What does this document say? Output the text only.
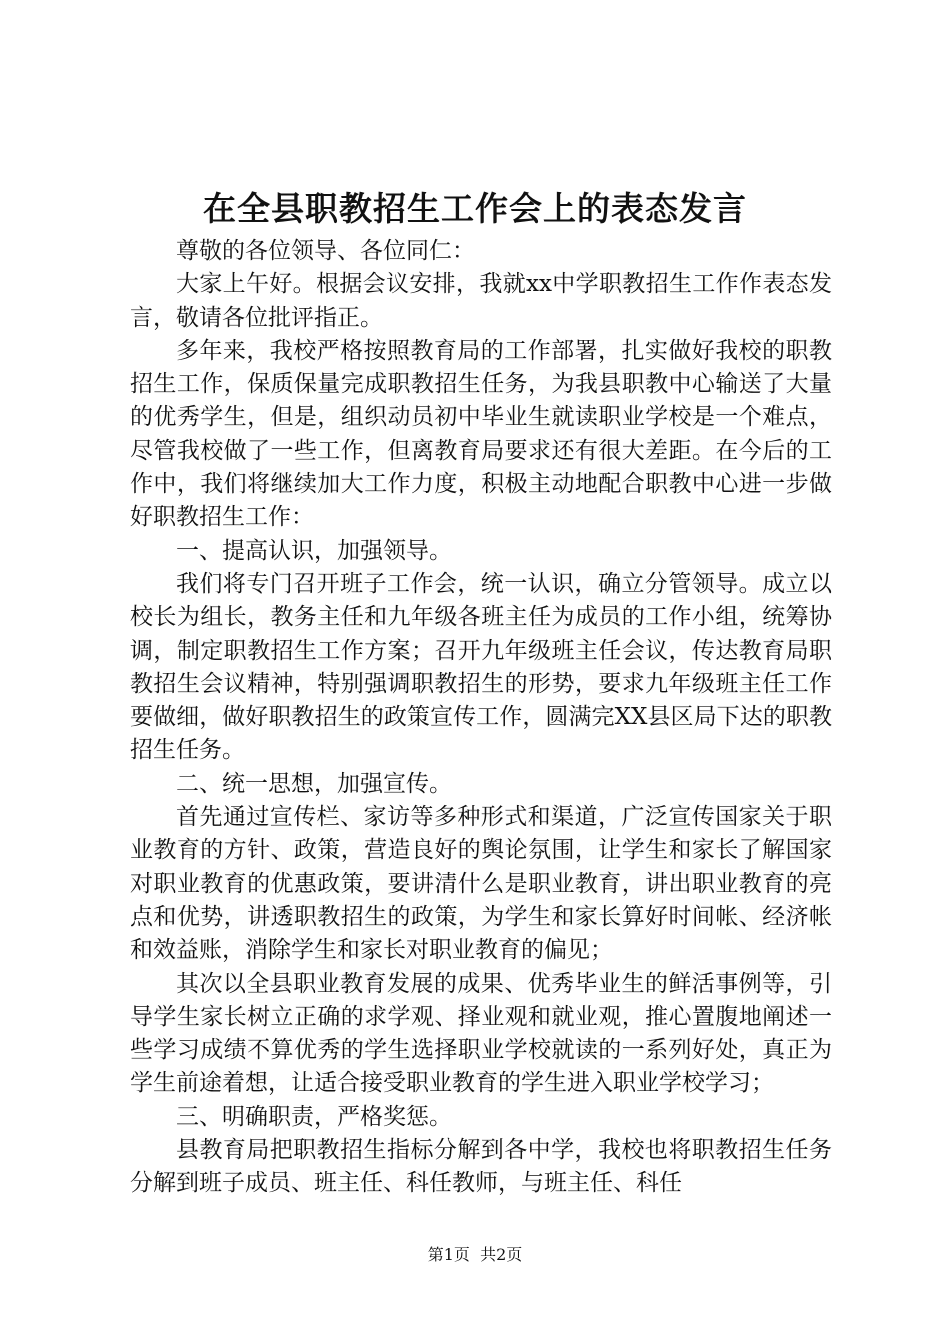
在全县职教招生工作会上的表态发言

尊敬的各位领导、各位同仁：

大家上午好。根据会议安排，我就xx中学职教招生工作作表态发言，敬请各位批评指正。

多年来，我校严格按照教育局的工作部署，扎实做好我校的职教招生工作，保质保量完成职教招生任务，为我县职教中心输送了大量的优秀学生，但是，组织动员初中毕业生就读职业学校是一个难点，尽管我校做了一些工作，但离教育局要求还有很大差距。在今后的工作中，我们将继续加大工作力度，积极主动地配合职教中心进一步做好职教招生工作：

一、提高认识，加强领导。

我们将专门召开班子工作会，统一认识，确立分管领导。成立以校长为组长，教务主任和九年级各班主任为成员的工作小组，统筹协调，制定职教招生工作方案；召开九年级班主任会议，传达教育局职教招生会议精神，特别强调职教招生的形势，要求九年级班主任工作要做细，做好职教招生的政策宣传工作，圆满完XX县区局下达的职教招生任务。

二、统一思想，加强宣传。

首先通过宣传栏、家访等多种形式和渠道，广泛宣传国家关于职业教育的方针、政策，营造良好的舆论氛围，让学生和家长了解国家对职业教育的优惠政策，要讲清什么是职业教育，讲出职业教育的亮点和优势，讲透职教招生的政策，为学生和家长算好时间帐、经济帐和效益账，消除学生和家长对职业教育的偏见；

其次以全县职业教育发展的成果、优秀毕业生的鲜活事例等，引导学生家长树立正确的求学观、择业观和就业观，推心置腹地阐述一些学习成绩不算优秀的学生选择职业学校就读的一系列好处，真正为学生前途着想，让适合接受职业教育的学生进入职业学校学习；

三、明确职责，严格奖惩。

县教育局把职教招生指标分解到各中学，我校也将职教招生任务分解到班子成员、班主任、科任教师，与班主任、科任

第1页  共2页
